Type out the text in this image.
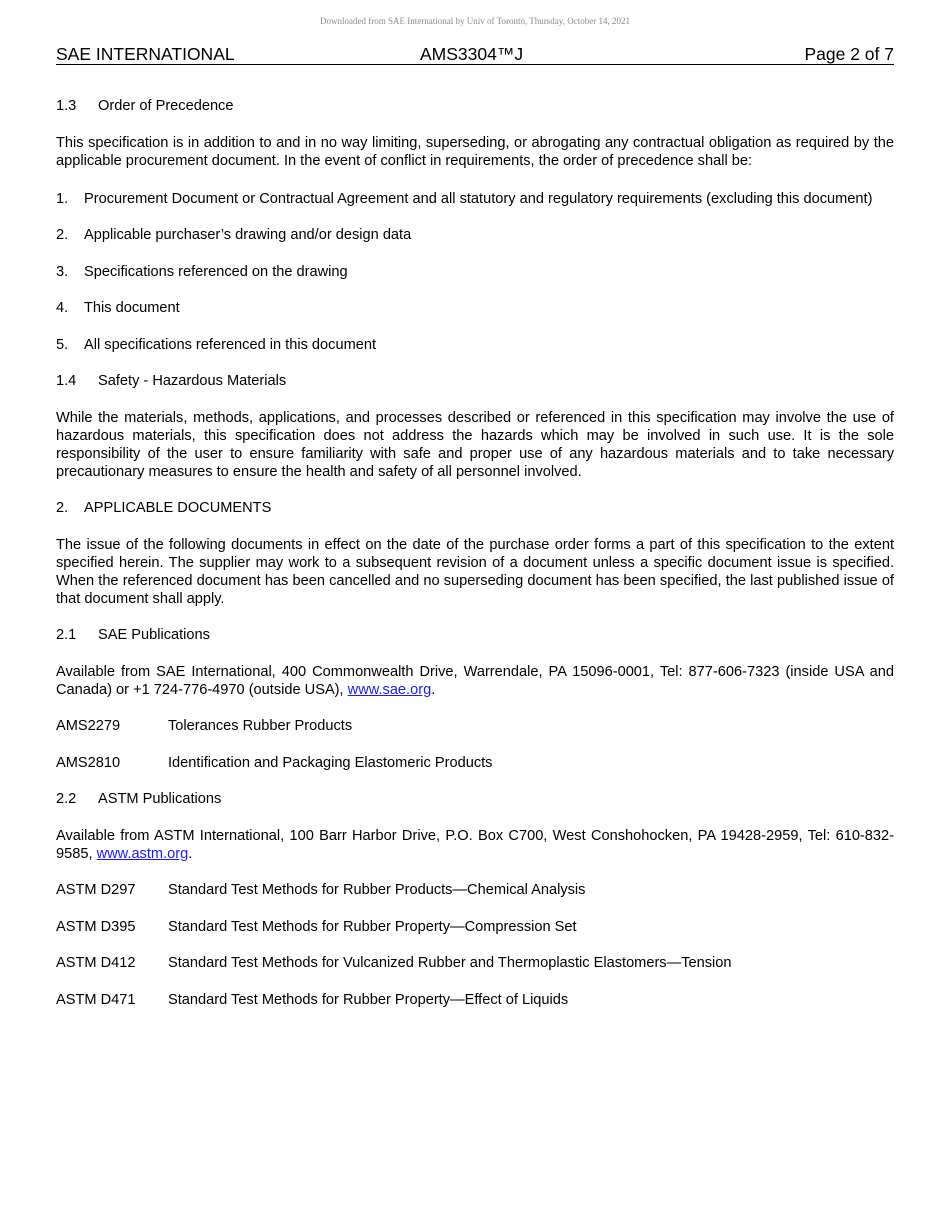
Downloaded from SAE International by Univ of Toronto, Thursday, October 14, 2021
SAE INTERNATIONAL	AMS3304™J	Page 2 of 7
1.3 Order of Precedence

This specification is in addition to and in no way limiting, superseding, or abrogating any contractual obligation as required by the applicable procurement document. In the event of conflict in requirements, the order of precedence shall be:

1.	Procurement Document or Contractual Agreement and all statutory and regulatory requirements (excluding this document)
2.	Applicable purchaser’s drawing and/or design data
3.	Specifications referenced on the drawing
4.	This document
5.	All specifications referenced in this document
1.4 Safety - Hazardous Materials

While the materials, methods, applications, and processes described or referenced in this specification may involve the use of hazardous materials, this specification does not address the hazards which may be involved in such use. It is the sole responsibility of the user to ensure familiarity with safe and proper use of any hazardous materials and to take necessary precautionary measures to ensure the health and safety of all personnel involved.

2. APPLICABLE DOCUMENTS

The issue of the following documents in effect on the date of the purchase order forms a part of this specification to the extent specified herein. The supplier may work to a subsequent revision of a document unless a specific document issue is specified. When the referenced document has been cancelled and no superseding document has been specified, the last published issue of that document shall apply.

2.1 SAE Publications

Available from SAE International, 400 Commonwealth Drive, Warrendale, PA 15096-0001, Tel: 877-606-7323 (inside USA and Canada) or +1 724-776-4970 (outside USA), www.sae.org.

AMS2279	Tolerances Rubber Products
AMS2810	Identification and Packaging Elastomeric Products
2.2 ASTM Publications

Available from ASTM International, 100 Barr Harbor Drive, P.O. Box C700, West Conshohocken, PA 19428-2959, Tel: 610-832-9585, www.astm.org.

ASTM D297	Standard Test Methods for Rubber Products—Chemical Analysis
ASTM D395	Standard Test Methods for Rubber Property—Compression Set
ASTM D412	Standard Test Methods for Vulcanized Rubber and Thermoplastic Elastomers—Tension
ASTM D471	Standard Test Methods for Rubber Property—Effect of Liquids
